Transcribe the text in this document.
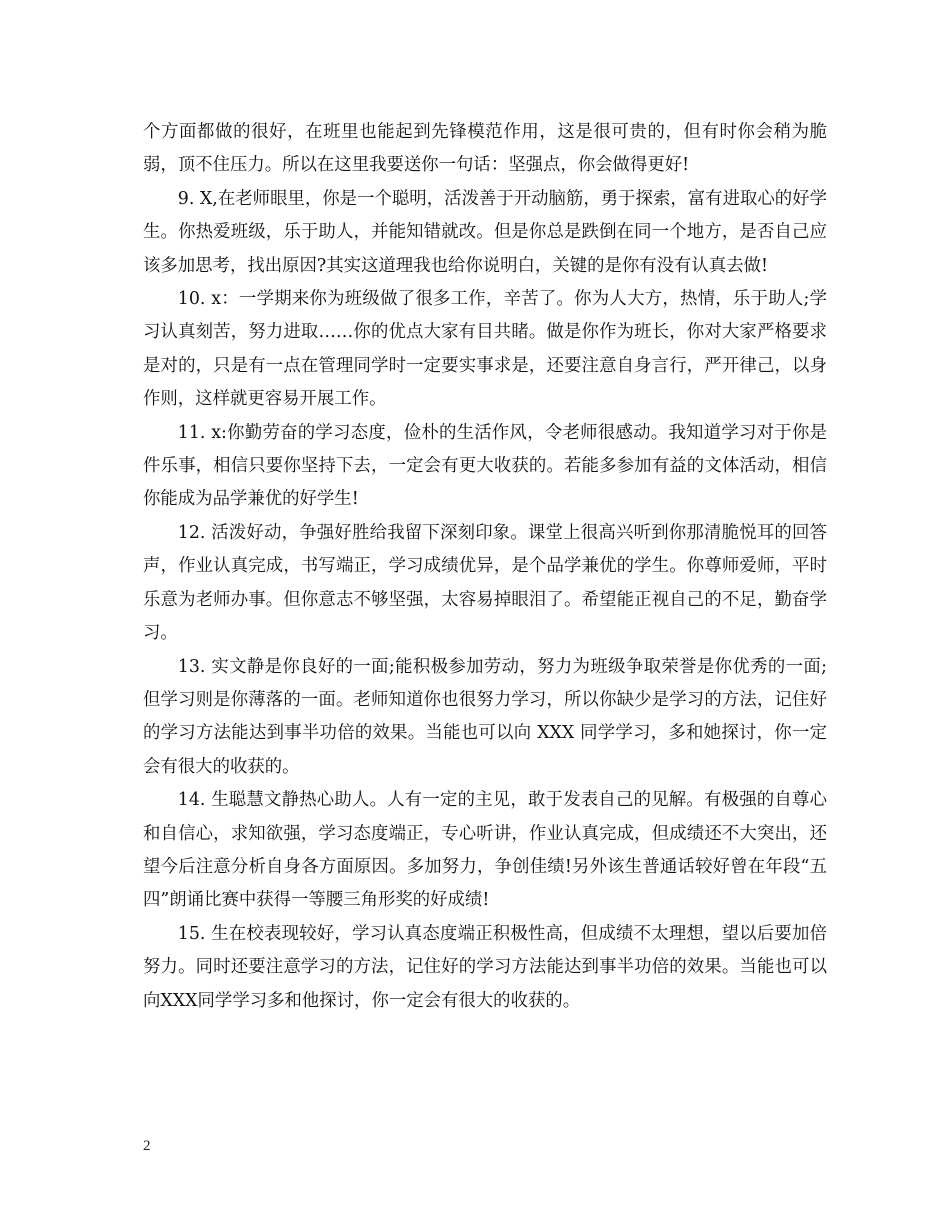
个方面都做的很好，在班里也能起到先锋模范作用，这是很可贵的，但有时你会稍为脆弱，顶不住压力。所以在这里我要送你一句话：坚强点，你会做得更好!

9. X,在老师眼里，你是一个聪明，活泼善于开动脑筋，勇于探索，富有进取心的好学生。你热爱班级，乐于助人，并能知错就改。但是你总是跌倒在同一个地方，是否自己应该多加思考，找出原因?其实这道理我也给你说明白，关键的是你有没有认真去做!

10. x：一学期来你为班级做了很多工作，辛苦了。你为人大方，热情，乐于助人;学习认真刻苦，努力进取……你的优点大家有目共睹。做是你作为班长，你对大家严格要求是对的，只是有一点在管理同学时一定要实事求是，还要注意自身言行，严开律己，以身作则，这样就更容易开展工作。

11. x:你勤劳奋的学习态度，俭朴的生活作风，令老师很感动。我知道学习对于你是件乐事，相信只要你坚持下去，一定会有更大收获的。若能多参加有益的文体活动，相信你能成为品学兼优的好学生!

12. 活泼好动，争强好胜给我留下深刻印象。课堂上很高兴听到你那清脆悦耳的回答声，作业认真完成，书写端正，学习成绩优异，是个品学兼优的学生。你尊师爱师，平时乐意为老师办事。但你意志不够坚强，太容易掉眼泪了。希望能正视自己的不足，勤奋学习。

13. 实文静是你良好的一面;能积极参加劳动，努力为班级争取荣誉是你优秀的一面;但学习则是你薄落的一面。老师知道你也很努力学习，所以你缺少是学习的方法，记住好的学习方法能达到事半功倍的效果。当能也可以向 XXX 同学学习，多和她探讨，你一定会有很大的收获的。

14. 生聪慧文静热心助人。人有一定的主见，敢于发表自己的见解。有极强的自尊心和自信心，求知欲强，学习态度端正，专心听讲，作业认真完成，但成绩还不大突出，还望今后注意分析自身各方面原因。多加努力，争创佳绩!另外该生普通话较好曾在年段“五四”朗诵比赛中获得一等腰三角形奖的好成绩!

15. 生在校表现较好，学习认真态度端正积极性高，但成绩不太理想，望以后要加倍努力。同时还要注意学习的方法，记住好的学习方法能达到事半功倍的效果。当能也可以向XXX同学学习多和他探讨，你一定会有很大的收获的。

2
